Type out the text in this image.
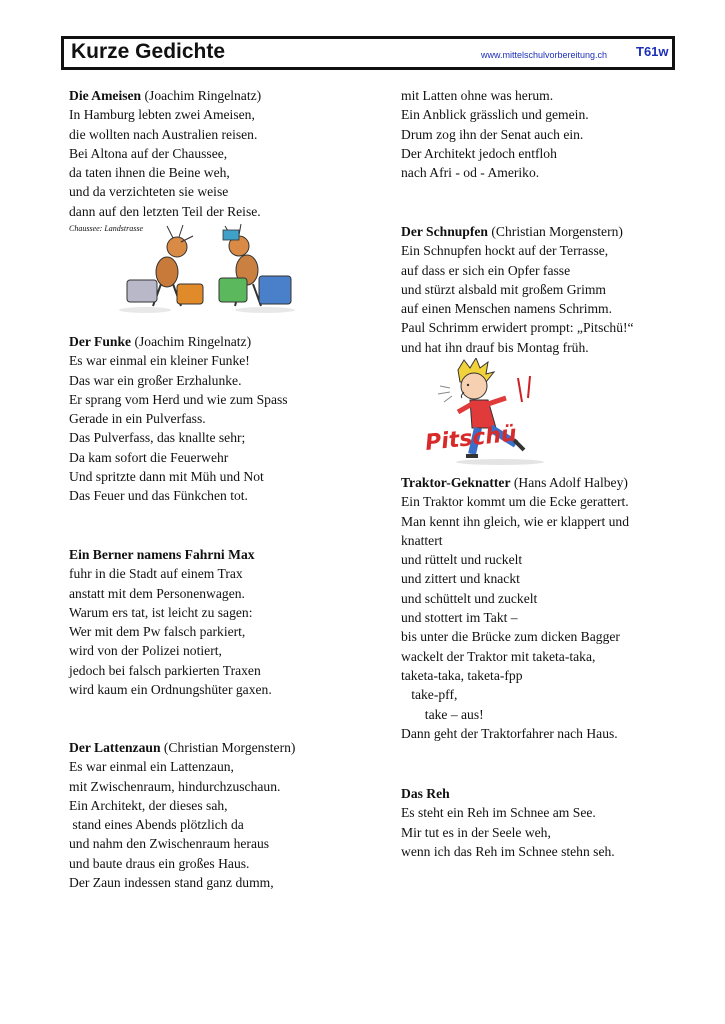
Kurze Gedichte	www.mittelschulvorbereitung.ch T61w
Die Ameisen (Joachim Ringelnatz)
In Hamburg lebten zwei Ameisen,
die wollten nach Australien reisen.
Bei Altona auf der Chaussee,
da taten ihnen die Beine weh,
und da verzichteten sie weise
dann auf den letzten Teil der Reise.
Chaussee: Landstrasse
Der Funke (Joachim Ringelnatz)
Es war einmal ein kleiner Funke!
Das war ein großer Erzhalunke.
Er sprang vom Herd und wie zum Spass
Gerade in ein Pulverfass.
Das Pulverfass, das knallte sehr;
Da kam sofort die Feuerwehr
Und spritzte dann mit Müh und Not
Das Feuer und das Fünkchen tot.
Ein Berner namens Fahrni Max
fuhr in die Stadt auf einem Trax
anstatt mit dem Personenwagen.
Warum ers tat, ist leicht zu sagen:
Wer mit dem Pw falsch parkiert,
wird von der Polizei notiert,
jedoch bei falsch parkierten Traxen
wird kaum ein Ordnungshüter gaxen.
Der Lattenzaun (Christian Morgenstern)
Es war einmal ein Lattenzaun,
mit Zwischenraum, hindurchzuschaun.
Ein Architekt, der dieses sah,
stand eines Abends plötzlich da
und nahm den Zwischenraum heraus
und baute draus ein großes Haus.
Der Zaun indessen stand ganz dumm,
mit Latten ohne was herum.
Ein Anblick grässlich und gemein.
Drum zog ihn der Senat auch ein.
Der Architekt jedoch entfloh
nach Afri - od - Ameriko.
Der Schnupfen (Christian Morgenstern)
Ein Schnupfen hockt auf der Terrasse,
auf dass er sich ein Opfer fasse
und stürzt alsbald mit großem Grimm
auf einen Menschen namens Schrimm.
Paul Schrimm erwidert prompt: „Pitschü!“
und hat ihn drauf bis Montag früh.
Pitschü
Traktor-Geknatter (Hans Adolf Halbey)
Ein Traktor kommt um die Ecke gerattert.
Man kennt ihn gleich, wie er klappert und
knattert
und rüttelt und ruckelt
und zittert und knackt
und schüttelt und zuckelt
und stottert im Takt –
bis unter die Brücke zum dicken Bagger
wackelt der Traktor mit taketa-taka,
taketa-taka, taketa-fpp
take-pff,
take – aus!
Dann geht der Traktorfahrer nach Haus.
Das Reh
Es steht ein Reh im Schnee am See.
Mir tut es in der Seele weh,
wenn ich das Reh im Schnee stehn seh.
